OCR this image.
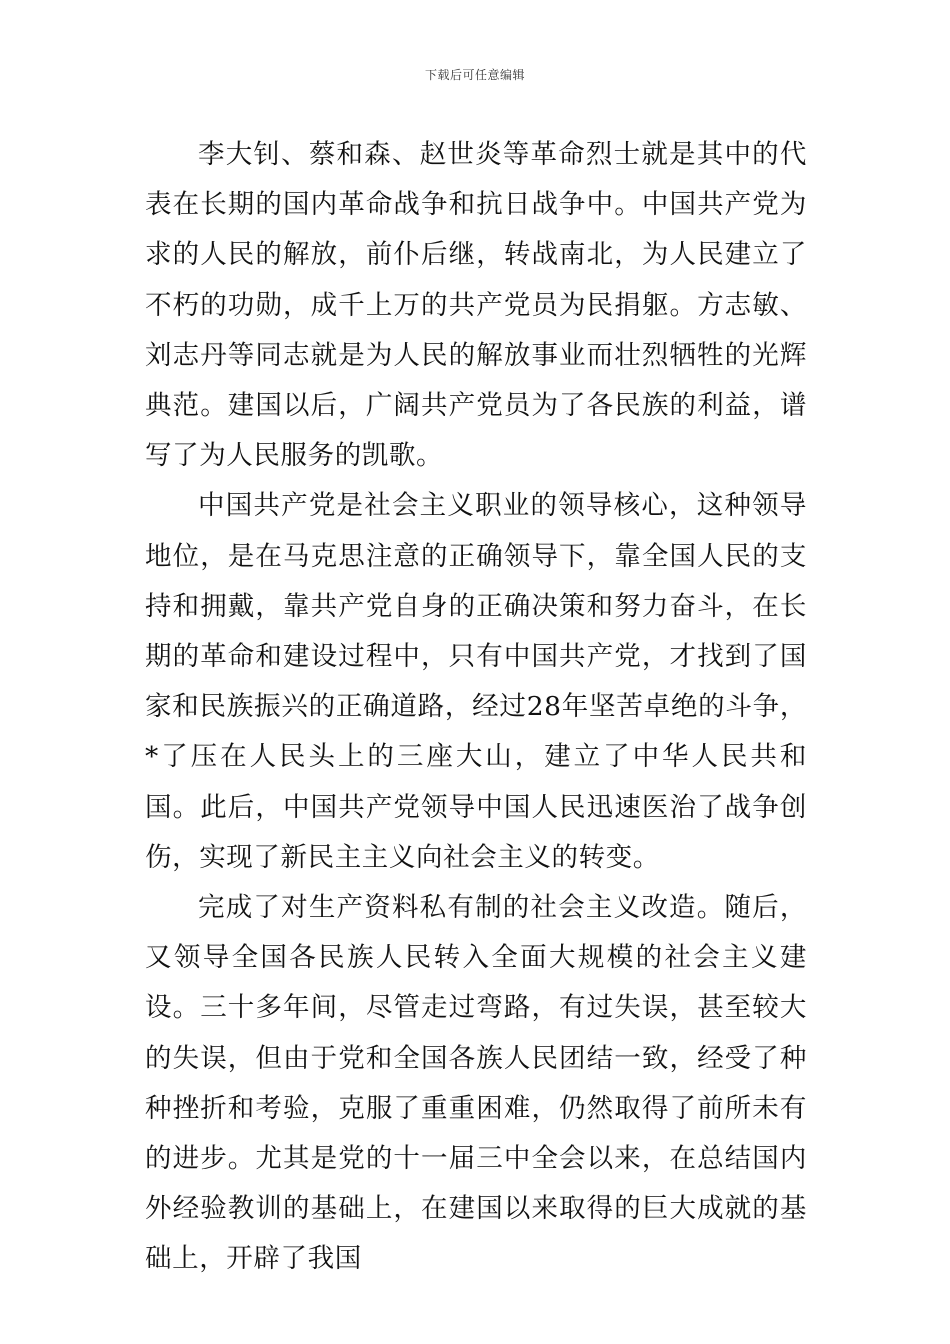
下载后可任意编辑

李大钊、蔡和森、赵世炎等革命烈士就是其中的代表在长期的国内革命战争和抗日战争中。中国共产党为求的人民的解放，前仆后继，转战南北，为人民建立了不朽的功勋，成千上万的共产党员为民捐躯。方志敏、刘志丹等同志就是为人民的解放事业而壮烈牺牲的光辉典范。建国以后，广阔共产党员为了各民族的利益，谱写了为人民服务的凯歌。

中国共产党是社会主义职业的领导核心，这种领导地位，是在马克思注意的正确领导下，靠全国人民的支持和拥戴，靠共产党自身的正确决策和努力奋斗，在长期的革命和建设过程中，只有中国共产党，才找到了国家和民族振兴的正确道路，经过28年坚苦卓绝的斗争，*了压在人民头上的三座大山，建立了中华人民共和国。此后，中国共产党领导中国人民迅速医治了战争创伤，实现了新民主主义向社会主义的转变。

完成了对生产资料私有制的社会主义改造。随后，又领导全国各民族人民转入全面大规模的社会主义建设。三十多年间，尽管走过弯路，有过失误，甚至较大的失误，但由于党和全国各族人民团结一致，经受了种种挫折和考验，克服了重重困难，仍然取得了前所未有的进步。尤其是党的十一届三中全会以来，在总结国内外经验教训的基础上，在建国以来取得的巨大成就的基础上，开辟了我国
